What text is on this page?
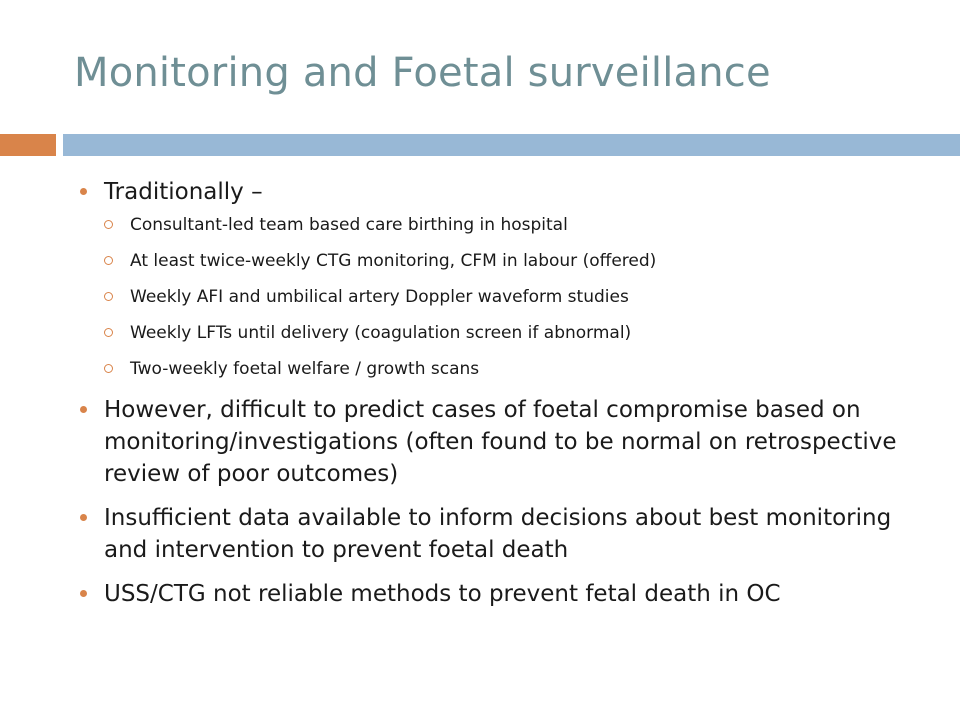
Monitoring and Foetal surveillance
Traditionally –
Consultant-led team based care birthing in hospital
At least twice-weekly CTG monitoring, CFM in labour (offered)
Weekly AFI and umbilical artery Doppler waveform studies
Weekly LFTs until delivery (coagulation screen if abnormal)
Two-weekly foetal welfare / growth scans
However, difficult to predict cases of foetal compromise based on monitoring/investigations (often found to be normal on retrospective review of poor outcomes)
Insufficient data available to inform decisions about best monitoring and intervention to prevent foetal death
USS/CTG not reliable methods to prevent fetal death in OC
